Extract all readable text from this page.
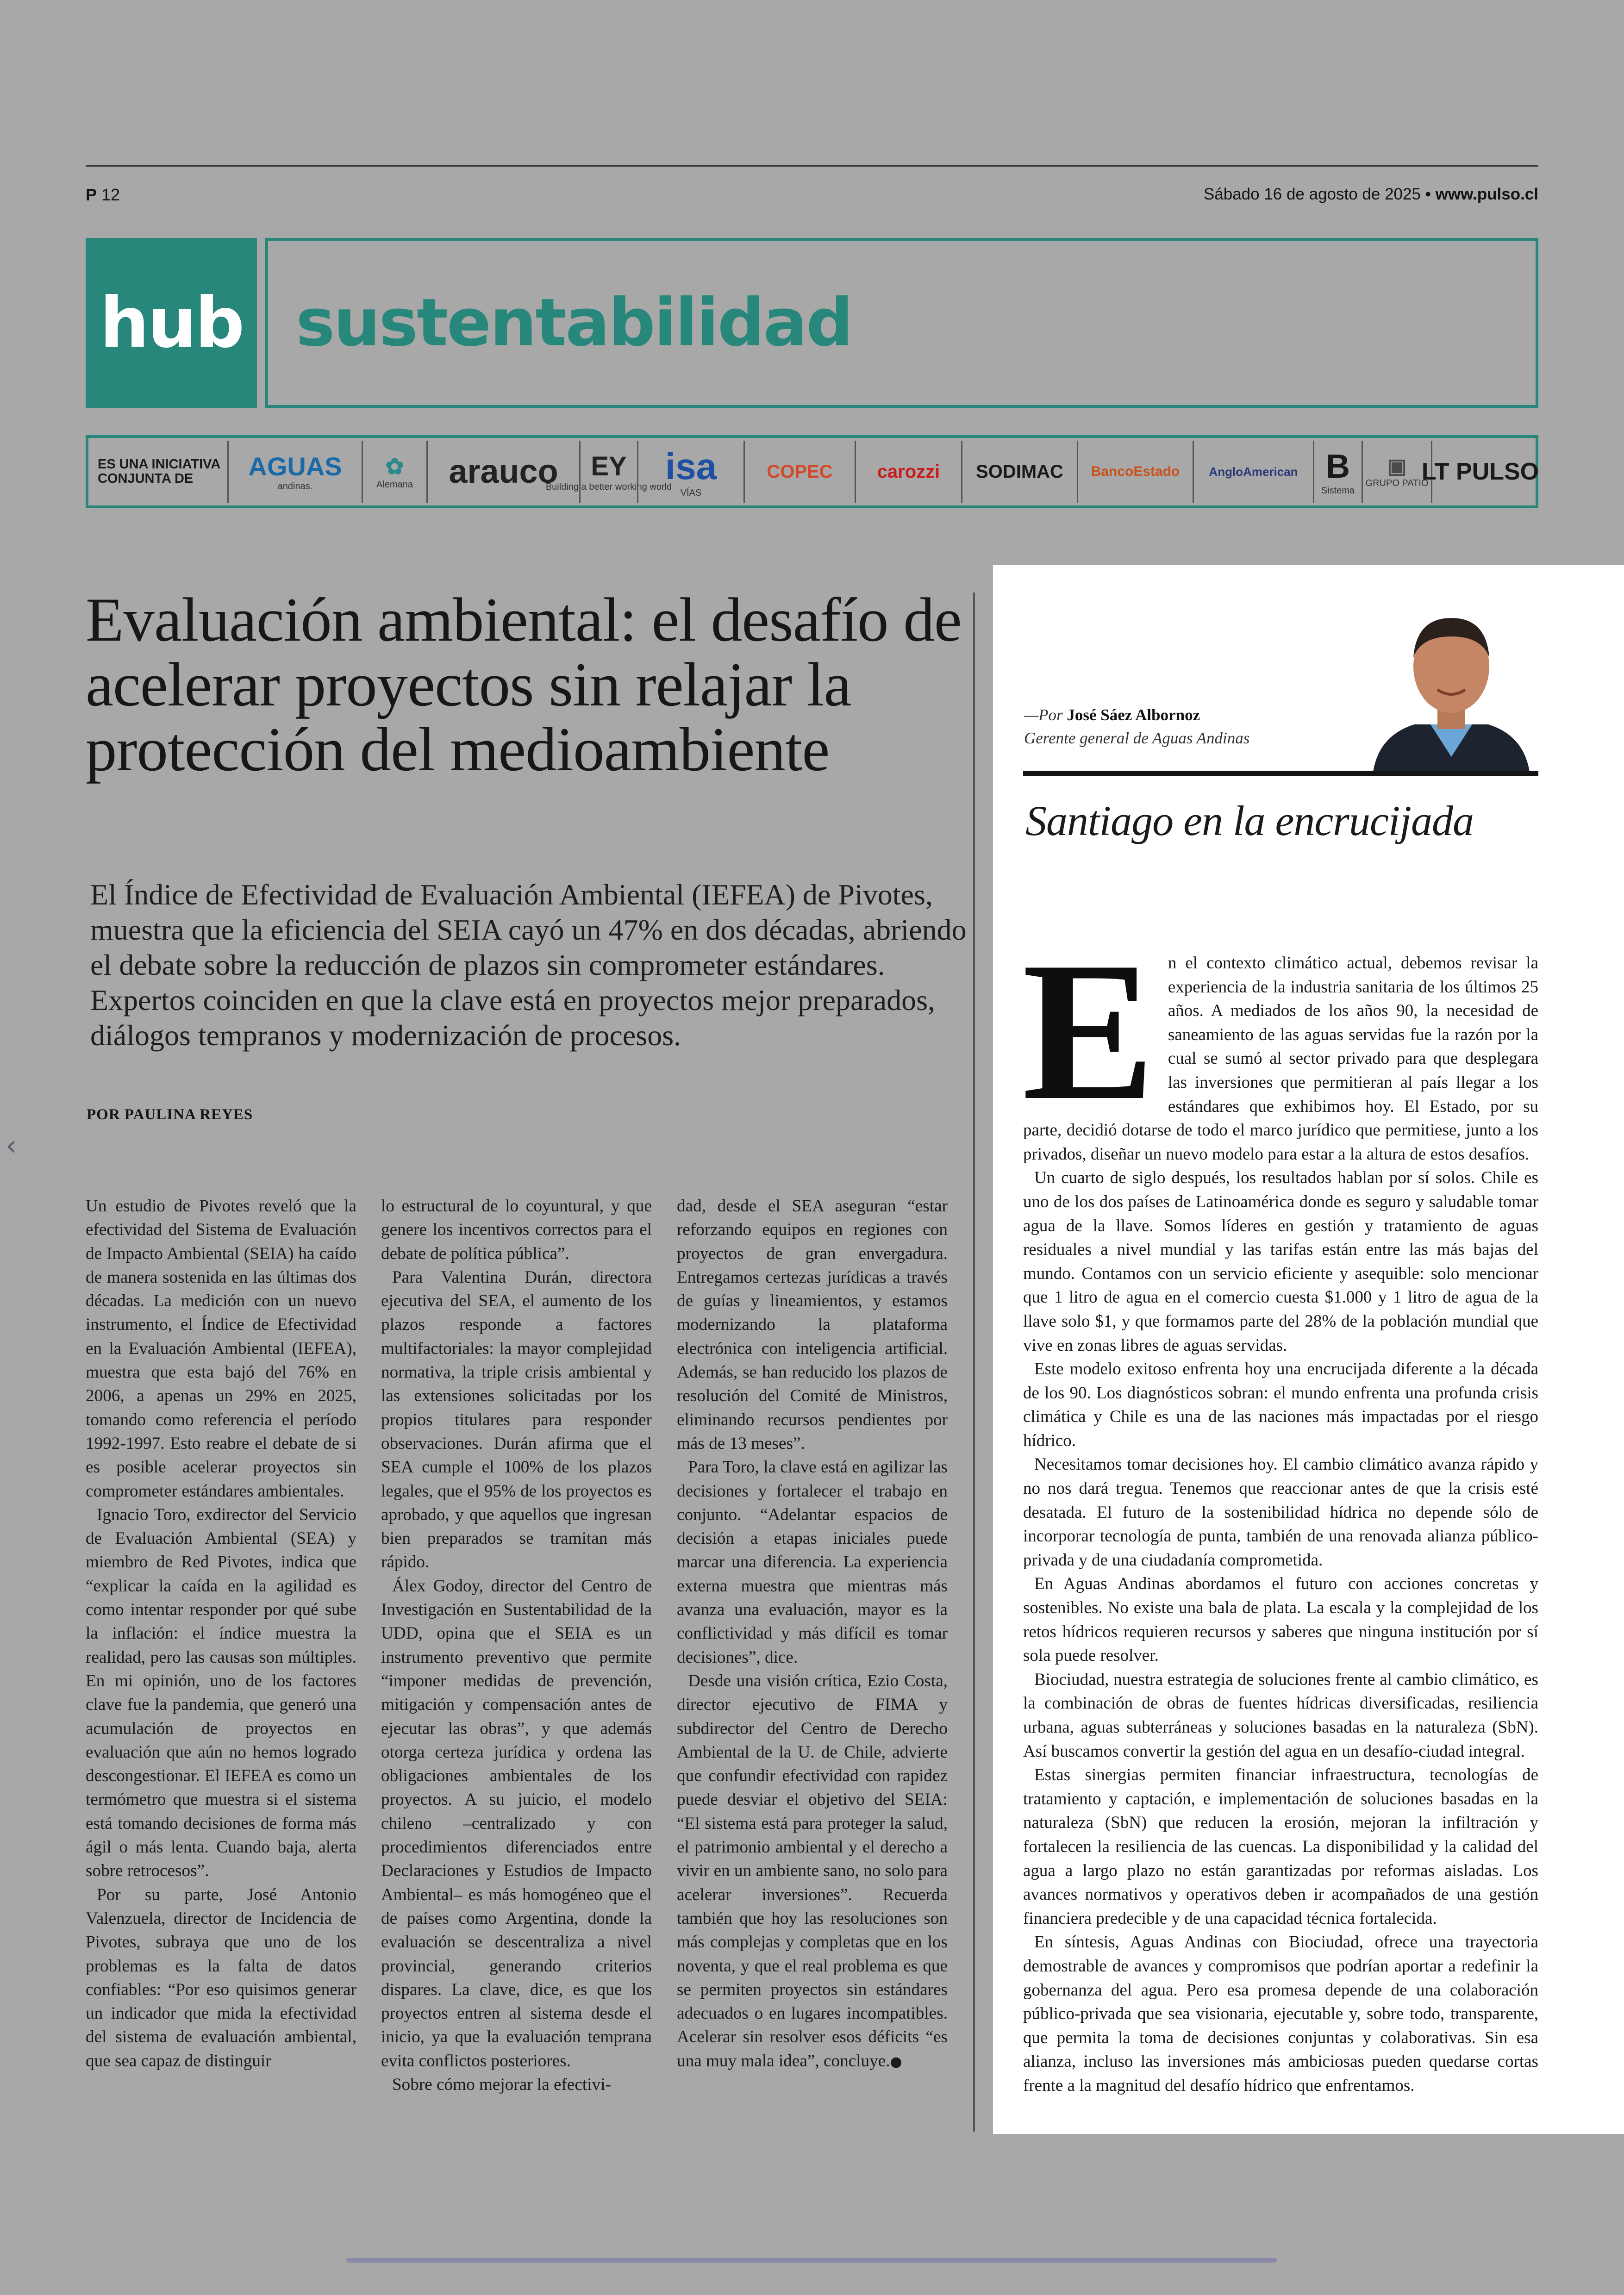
P 12	Sábado 16 de agosto de 2025 • www.pulso.cl
hub sustentabilidad
ES UNA INICIATIVA CONJUNTA DE	AGUAS
andinas.
✿
Alemana arauco EY
Building a better working world
isa
VÍAS
COPEC carozzi SODIMAC BancoEstado AngloAmerican B
Sistema
▣
GRUPO PATIO
LT PULSO
Evaluación ambiental: el desafío de acelerar proyectos sin relajar la protección del medioambiente
El Índice de Efectividad de Evaluación Ambiental (IEFEA) de Pivotes, muestra que la eficiencia del SEIA cayó un 47% en dos décadas, abriendo el debate sobre la reducción de plazos sin comprometer estándares. Expertos coinciden en que la clave está en proyectos mejor preparados, diálogos tempranos y modernización de procesos.
POR PAULINA REYES
‹

Un estudio de Pivotes reveló que la efectividad del Sistema de Evaluación de Impacto Ambiental (SEIA) ha caído de manera sostenida en las últimas dos décadas. La medición con un nuevo instrumento, el Índice de Efectividad en la Evaluación Ambiental (IEFEA), muestra que esta bajó del 76% en 2006, a apenas un 29% en 2025, tomando como referencia el período 1992-1997. Esto reabre el debate de si es posible acelerar proyectos sin comprometer estándares ambientales.

Ignacio Toro, exdirector del Servicio de Evaluación Ambiental (SEA) y miembro de Red Pivotes, indica que “explicar la caída en la agilidad es como intentar responder por qué sube la inflación: el índice muestra la realidad, pero las causas son múltiples. En mi opinión, uno de los factores clave fue la pandemia, que generó una acumulación de proyectos en evaluación que aún no hemos logrado descongestionar. El IEFEA es como un termómetro que muestra si el sistema está tomando decisiones de forma más ágil o más lenta. Cuando baja, alerta sobre retrocesos”.

Por su parte, José Antonio Valenzuela, director de Incidencia de Pivotes, subraya que uno de los problemas es la falta de datos confiables: “Por eso quisimos generar un indicador que mida la efectividad del sistema de evaluación ambiental, que sea capaz de distinguir

lo estructural de lo coyuntural, y que genere los incentivos correctos para el debate de política pública”.

Para Valentina Durán, directora ejecutiva del SEA, el aumento de los plazos responde a factores multifactoriales: la mayor complejidad normativa, la triple crisis ambiental y las extensiones solicitadas por los propios titulares para responder observaciones. Durán afirma que el SEA cumple el 100% de los plazos legales, que el 95% de los proyectos es aprobado, y que aquellos que ingresan bien preparados se tramitan más rápido.

Álex Godoy, director del Centro de Investigación en Sustentabilidad de la UDD, opina que el SEIA es un instrumento preventivo que permite “imponer medidas de prevención, mitigación y compensación antes de ejecutar las obras”, y que además otorga certeza jurídica y ordena las obligaciones ambientales de los proyectos. A su juicio, el modelo chileno –centralizado y con procedimientos diferenciados entre Declaraciones y Estudios de Impacto Ambiental– es más homogéneo que el de países como Argentina, donde la evaluación se descentraliza a nivel provincial, generando criterios dispares. La clave, dice, es que los proyectos entren al sistema desde el inicio, ya que la evaluación temprana evita conflictos posteriores.

Sobre cómo mejorar la efectivi-

dad, desde el SEA aseguran “estar reforzando equipos en regiones con proyectos de gran envergadura. Entregamos certezas jurídicas a través de guías y lineamientos, y estamos modernizando la plataforma electrónica con inteligencia artificial. Además, se han reducido los plazos de resolución del Comité de Ministros, eliminando recursos pendientes por más de 13 meses”.

Para Toro, la clave está en agilizar las decisiones y fortalecer el trabajo en conjunto. “Adelantar espacios de decisión a etapas iniciales puede marcar una diferencia. La experiencia externa muestra que mientras más avanza una evaluación, mayor es la conflictividad y más difícil es tomar decisiones”, dice.

Desde una visión crítica, Ezio Costa, director ejecutivo de FIMA y subdirector del Centro de Derecho Ambiental de la U. de Chile, advierte que confundir efectividad con rapidez puede desviar el objetivo del SEIA: “El sistema está para proteger la salud, el patrimonio ambiental y el derecho a vivir en un ambiente sano, no solo para acelerar inversiones”. Recuerda también que hoy las resoluciones son más complejas y completas que en los noventa, y que el real problema es que se permiten proyectos sin estándares adecuados o en lugares incompatibles. Acelerar sin resolver esos déficits “es una muy mala idea”, concluye.●

—Por José Sáez Albornoz
Gerente general de Aguas Andinas
Santiago en la encrucijada

En el contexto climático actual, debemos revisar la experiencia de la industria sanitaria de los últimos 25 años. A mediados de los años 90, la necesidad de saneamiento de las aguas servidas fue la razón por la cual se sumó al sector privado para que desplegara las inversiones que permitieran al país llegar a los estándares que exhibimos hoy. El Estado, por su parte, decidió dotarse de todo el marco jurídico que permitiese, junto a los privados, diseñar un nuevo modelo para estar a la altura de estos desafíos.

Un cuarto de siglo después, los resultados hablan por sí solos. Chile es uno de los dos países de Latinoamérica donde es seguro y saludable tomar agua de la llave. Somos líderes en gestión y tratamiento de aguas residuales a nivel mundial y las tarifas están entre las más bajas del mundo. Contamos con un servicio eficiente y asequible: solo mencionar que 1 litro de agua en el comercio cuesta $1.000 y 1 litro de agua de la llave solo $1, y que formamos parte del 28% de la población mundial que vive en zonas libres de aguas servidas.

Este modelo exitoso enfrenta hoy una encrucijada diferente a la década de los 90. Los diagnósticos sobran: el mundo enfrenta una profunda crisis climática y Chile es una de las naciones más impactadas por el riesgo hídrico.

Necesitamos tomar decisiones hoy. El cambio climático avanza rápido y no nos dará tregua. Tenemos que reaccionar antes de que la crisis esté desatada. El futuro de la sostenibilidad hídrica no depende sólo de incorporar tecnología de punta, también de una renovada alianza público-privada y de una ciudadanía comprometida.

En Aguas Andinas abordamos el futuro con acciones concretas y sostenibles. No existe una bala de plata. La escala y la complejidad de los retos hídricos requieren recursos y saberes que ninguna institución por sí sola puede resolver.

Biociudad, nuestra estrategia de soluciones frente al cambio climático, es la combinación de obras de fuentes hídricas diversificadas, resiliencia urbana, aguas subterráneas y soluciones basadas en la naturaleza (SbN). Así buscamos convertir la gestión del agua en un desafío-ciudad integral.

Estas sinergias permiten financiar infraestructura, tecnologías de tratamiento y captación, e implementación de soluciones basadas en la naturaleza (SbN) que reducen la erosión, mejoran la infiltración y fortalecen la resiliencia de las cuencas. La disponibilidad y la calidad del agua a largo plazo no están garantizadas por reformas aisladas. Los avances normativos y operativos deben ir acompañados de una gestión financiera predecible y de una capacidad técnica fortalecida.

En síntesis, Aguas Andinas con Biociudad, ofrece una trayectoria demostrable de avances y compromisos que podrían aportar a redefinir la gobernanza del agua. Pero esa promesa depende de una colaboración público-privada que sea visionaria, ejecutable y, sobre todo, transparente, que permita la toma de decisiones conjuntas y colaborativas. Sin esa alianza, incluso las inversiones más ambiciosas pueden quedarse cortas frente a la magnitud del desafío hídrico que enfrentamos.
